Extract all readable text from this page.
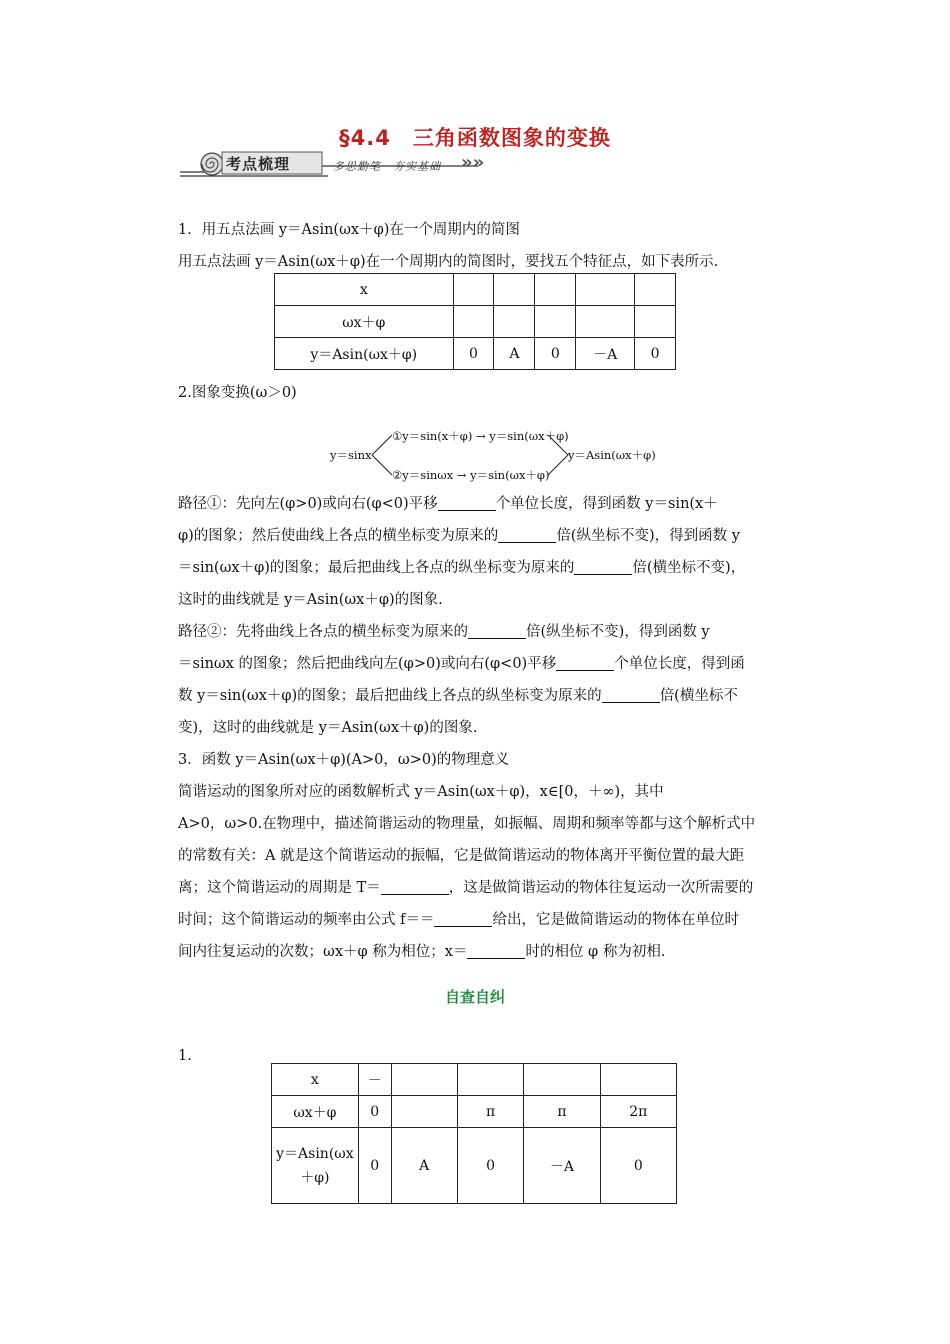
§4.4　三角函数图象的变换
考点梳理	多思勤笔　夯实基础 »»

1．用五点法画 y＝Asin(ωx＋φ)在一个周期内的简图

用五点法画 y＝Asin(ωx＋φ)在一个周期内的简图时，要找五个特征点，如下表所示.

x					
ωx＋φ					
y＝Asin(ωx＋φ)	0	A	0	－A	0

2.图象变换(ω＞0)

y＝sinx
①y＝sin(x＋φ) → y＝sin(ωx＋φ)
②y＝sinωx → y＝sin(ωx＋φ)
y＝Asin(ωx＋φ)

路径①：先向左(φ>0)或向右(φ<0)平移	个单位长度，得到函数 y＝sin(x＋

φ)的图象；然后使曲线上各点的横坐标变为原来的	倍(纵坐标不变)，得到函数 y

＝sin(ωx＋φ)的图象；最后把曲线上各点的纵坐标变为原来的	倍(横坐标不变)，

这时的曲线就是 y＝Asin(ωx＋φ)的图象.

路径②：先将曲线上各点的横坐标变为原来的	倍(纵坐标不变)，得到函数 y

＝sinωx 的图象；然后把曲线向左(φ>0)或向右(φ<0)平移	个单位长度，得到函

数 y＝sin(ωx＋φ)的图象；最后把曲线上各点的纵坐标变为原来的	倍(横坐标不

变)，这时的曲线就是 y＝Asin(ωx＋φ)的图象.

3．函数 y＝Asin(ωx＋φ)(A>0，ω>0)的物理意义

简谐运动的图象所对应的函数解析式 y＝Asin(ωx＋φ)，x∈[0，＋∞)，其中

A>0，ω>0.在物理中，描述简谐运动的物理量，如振幅、周期和频率等都与这个解析式中

的常数有关：A 就是这个简谐运动的振幅，它是做简谐运动的物体离开平衡位置的最大距

离；这个简谐运动的周期是 T＝	，这是做简谐运动的物体往复运动一次所需要的

时间；这个简谐运动的频率由公式 f＝＝	给出，它是做简谐运动的物体在单位时

间内往复运动的次数；ωx＋φ 称为相位；x＝	时的相位 φ 称为初相.

自查自纠

1.

x	－				
ωx＋φ	0		π	π	2π
y＝Asin(ωx＋φ)	0	A	0	－A	0
